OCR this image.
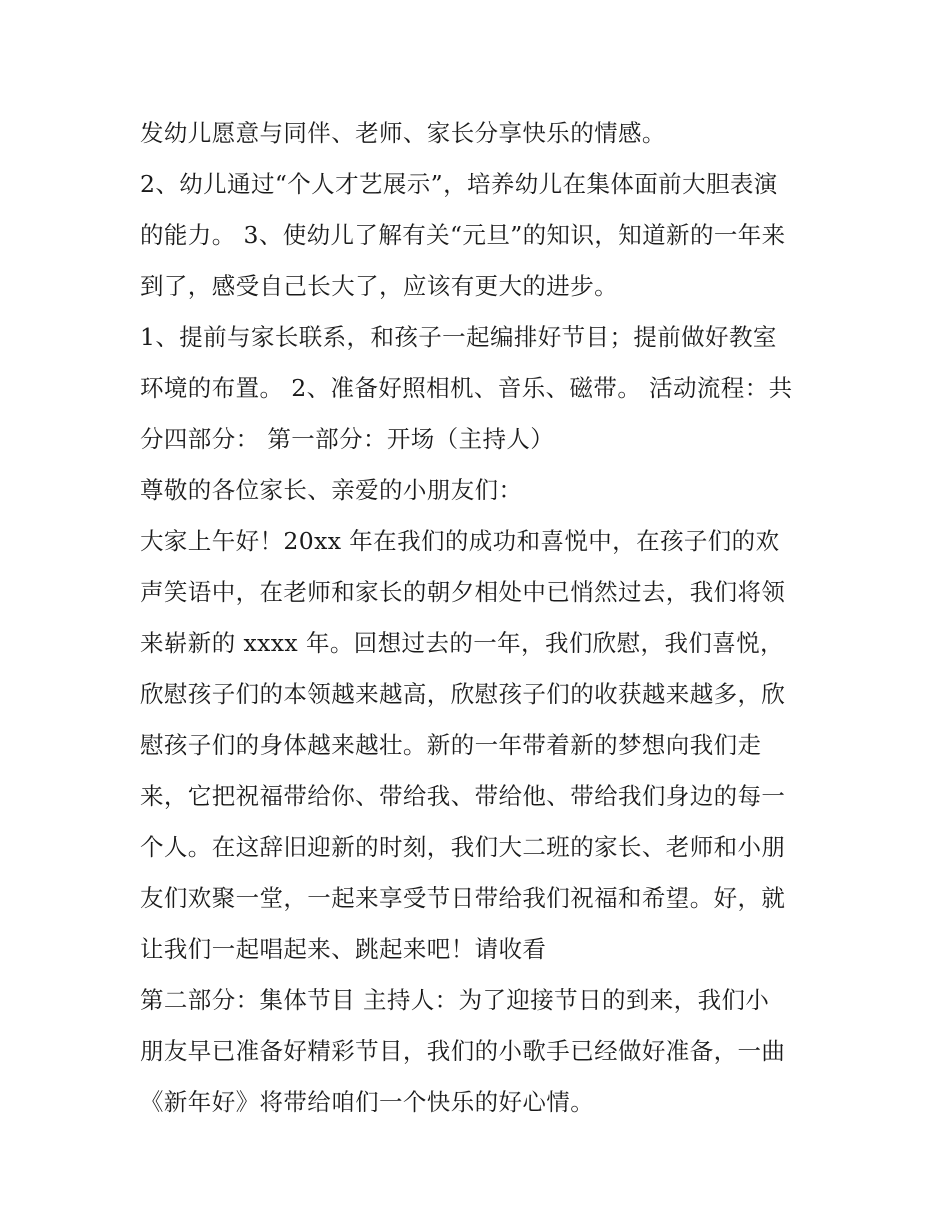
发幼儿愿意与同伴、老师、家长分享快乐的情感。
2、幼儿通过“个人才艺展示”，培养幼儿在集体面前大胆表演
的能力。 3、使幼儿了解有关“元旦”的知识，知道新的一年来
到了，感受自己长大了，应该有更大的进步。
1、提前与家长联系，和孩子一起编排好节目；提前做好教室
环境的布置。 2、准备好照相机、音乐、磁带。 活动流程：共
分四部分： 第一部分：开场（主持人）
尊敬的各位家长、亲爱的小朋友们：
大家上午好！20xx 年在我们的成功和喜悦中，在孩子们的欢
声笑语中，在老师和家长的朝夕相处中已悄然过去，我们将领
来崭新的 xxxx 年。回想过去的一年，我们欣慰，我们喜悦，
欣慰孩子们的本领越来越高，欣慰孩子们的收获越来越多，欣
慰孩子们的身体越来越壮。新的一年带着新的梦想向我们走
来，它把祝福带给你、带给我、带给他、带给我们身边的每一
个人。在这辞旧迎新的时刻，我们大二班的家长、老师和小朋
友们欢聚一堂，一起来享受节日带给我们祝福和希望。好，就
让我们一起唱起来、跳起来吧！请收看
第二部分：集体节目 主持人：为了迎接节日的到来，我们小
朋友早已准备好精彩节目，我们的小歌手已经做好准备，一曲
《新年好》将带给咱们一个快乐的好心情。
